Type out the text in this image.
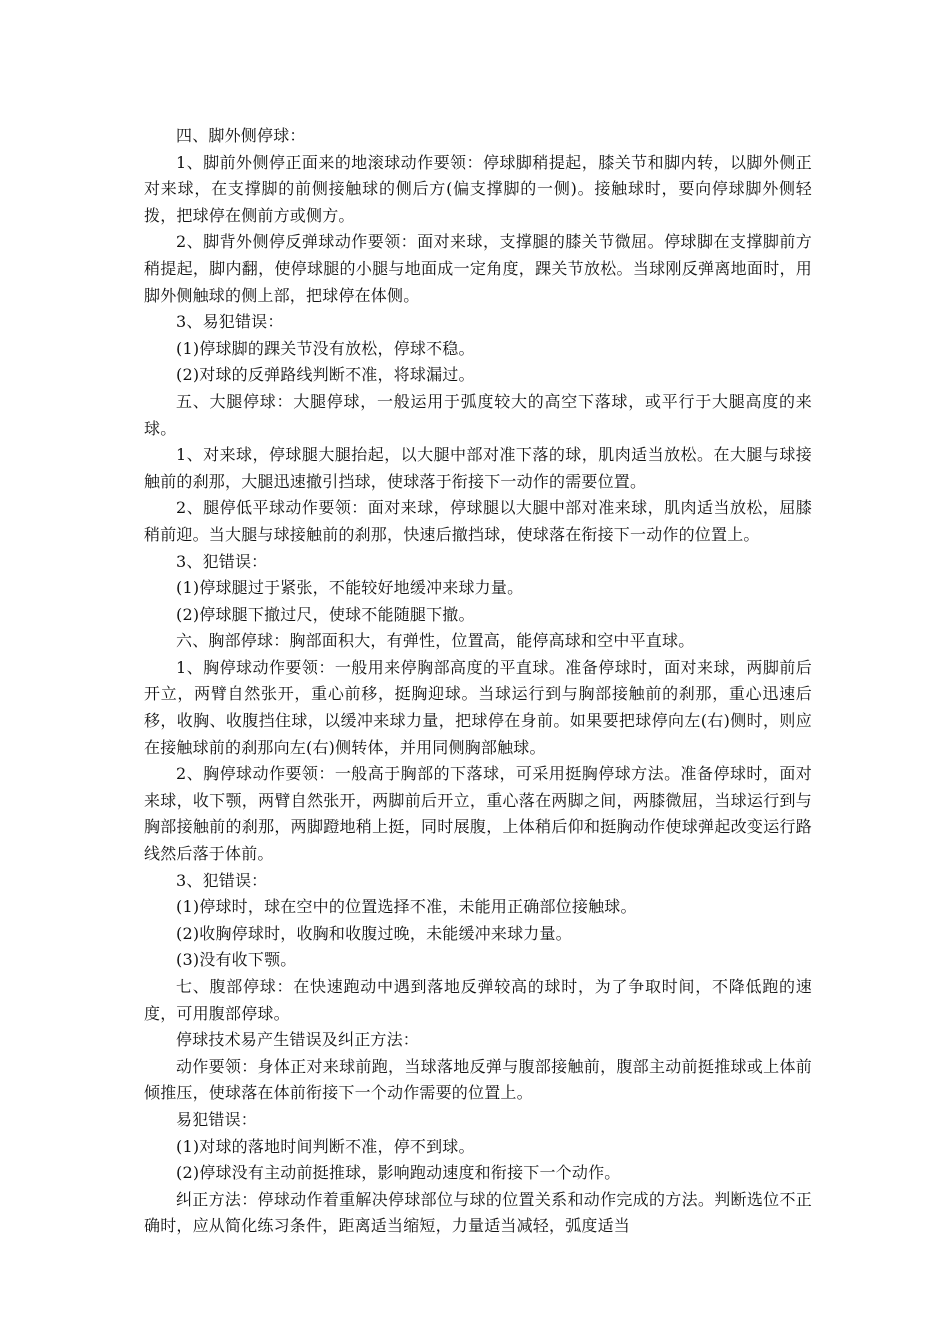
四、脚外侧停球：

1、脚前外侧停正面来的地滚球动作要领：停球脚稍提起，膝关节和脚内转，以脚外侧正对来球，在支撑脚的前侧接触球的侧后方(偏支撑脚的一侧)。接触球时，要向停球脚外侧轻拨，把球停在侧前方或侧方。

2、脚背外侧停反弹球动作要领：面对来球，支撑腿的膝关节微屈。停球脚在支撑脚前方稍提起，脚内翻，使停球腿的小腿与地面成一定角度，踝关节放松。当球刚反弹离地面时，用脚外侧触球的侧上部，把球停在体侧。

3、易犯错误：

(1)停球脚的踝关节没有放松，停球不稳。

(2)对球的反弹路线判断不准，将球漏过。

五、大腿停球：大腿停球，一般运用于弧度较大的高空下落球，或平行于大腿高度的来球。

1、对来球，停球腿大腿抬起，以大腿中部对准下落的球，肌肉适当放松。在大腿与球接触前的刹那，大腿迅速撤引挡球，使球落于衔接下一动作的需要位置。

2、腿停低平球动作要领：面对来球，停球腿以大腿中部对准来球，肌肉适当放松，屈膝稍前迎。当大腿与球接触前的刹那，快速后撤挡球，使球落在衔接下一动作的位置上。

3、犯错误：

(1)停球腿过于紧张，不能较好地缓冲来球力量。

(2)停球腿下撤过尺，使球不能随腿下撤。

六、胸部停球：胸部面积大，有弹性，位置高，能停高球和空中平直球。

1、胸停球动作要领：一般用来停胸部高度的平直球。准备停球时，面对来球，两脚前后开立，两臂自然张开，重心前移，挺胸迎球。当球运行到与胸部接触前的刹那，重心迅速后移，收胸、收腹挡住球，以缓冲来球力量，把球停在身前。如果要把球停向左(右)侧时，则应在接触球前的刹那向左(右)侧转体，并用同侧胸部触球。

2、胸停球动作要领：一般高于胸部的下落球，可采用挺胸停球方法。准备停球时，面对来球，收下颚，两臂自然张开，两脚前后开立，重心落在两脚之间，两膝微屈，当球运行到与胸部接触前的刹那，两脚蹬地稍上挺，同时展腹，上体稍后仰和挺胸动作使球弹起改变运行路线然后落于体前。

3、犯错误：

(1)停球时，球在空中的位置选择不准，未能用正确部位接触球。

(2)收胸停球时，收胸和收腹过晚，未能缓冲来球力量。

(3)没有收下颚。

七、腹部停球：在快速跑动中遇到落地反弹较高的球时，为了争取时间，不降低跑的速度，可用腹部停球。

停球技术易产生错误及纠正方法：

动作要领：身体正对来球前跑，当球落地反弹与腹部接触前，腹部主动前挺推球或上体前倾推压，使球落在体前衔接下一个动作需要的位置上。

易犯错误：

(1)对球的落地时间判断不准，停不到球。

(2)停球没有主动前挺推球，影响跑动速度和衔接下一个动作。

纠正方法：停球动作着重解决停球部位与球的位置关系和动作完成的方法。判断选位不正确时，应从简化练习条件，距离适当缩短，力量适当减轻，弧度适当
